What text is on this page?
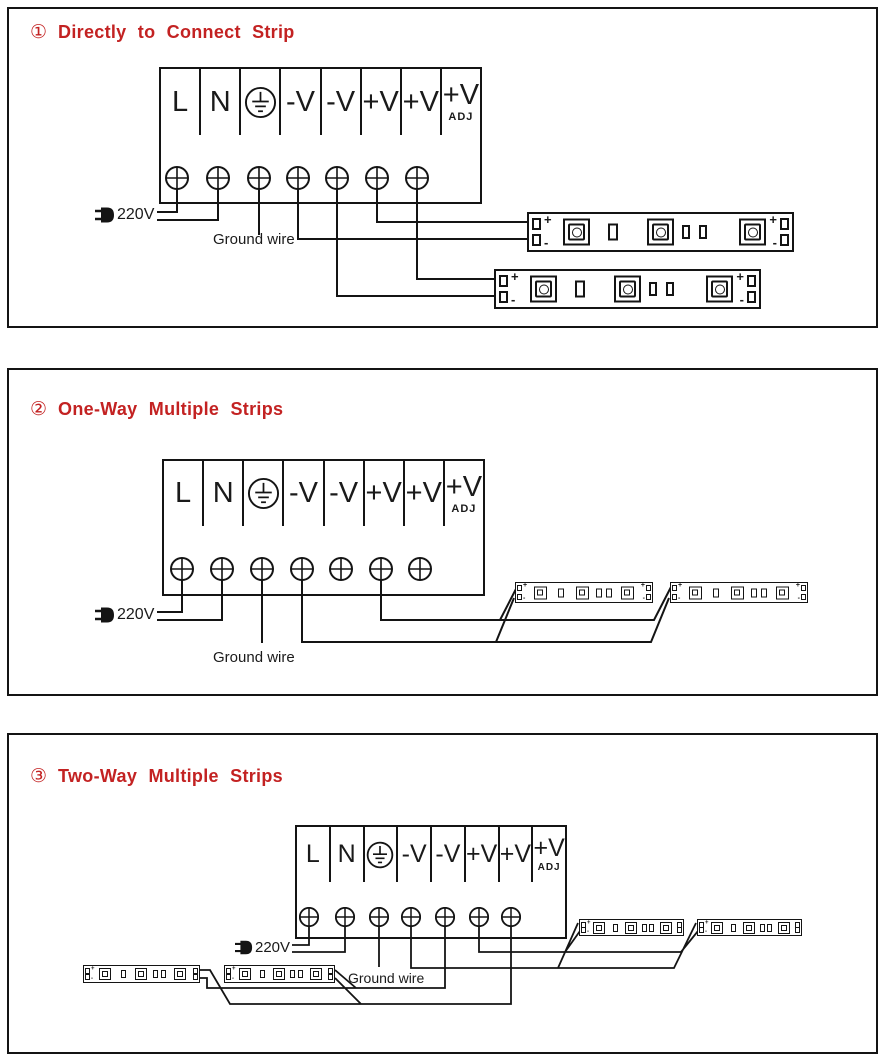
① Directly to Connect Strip
L N -V -V +V +V +V
ADJ
220V
Ground wire
+
-
+
-
+
-
+
-
② One-Way Multiple Strips
L N -V -V +V +V +V
ADJ
220V
Ground wire
+
-
+
-
+
-
+
-
③ Two-Way Multiple Strips
L N -V -V +V +V +V
ADJ
220V
Ground wire
+
-
+
-
+
-
+
-
